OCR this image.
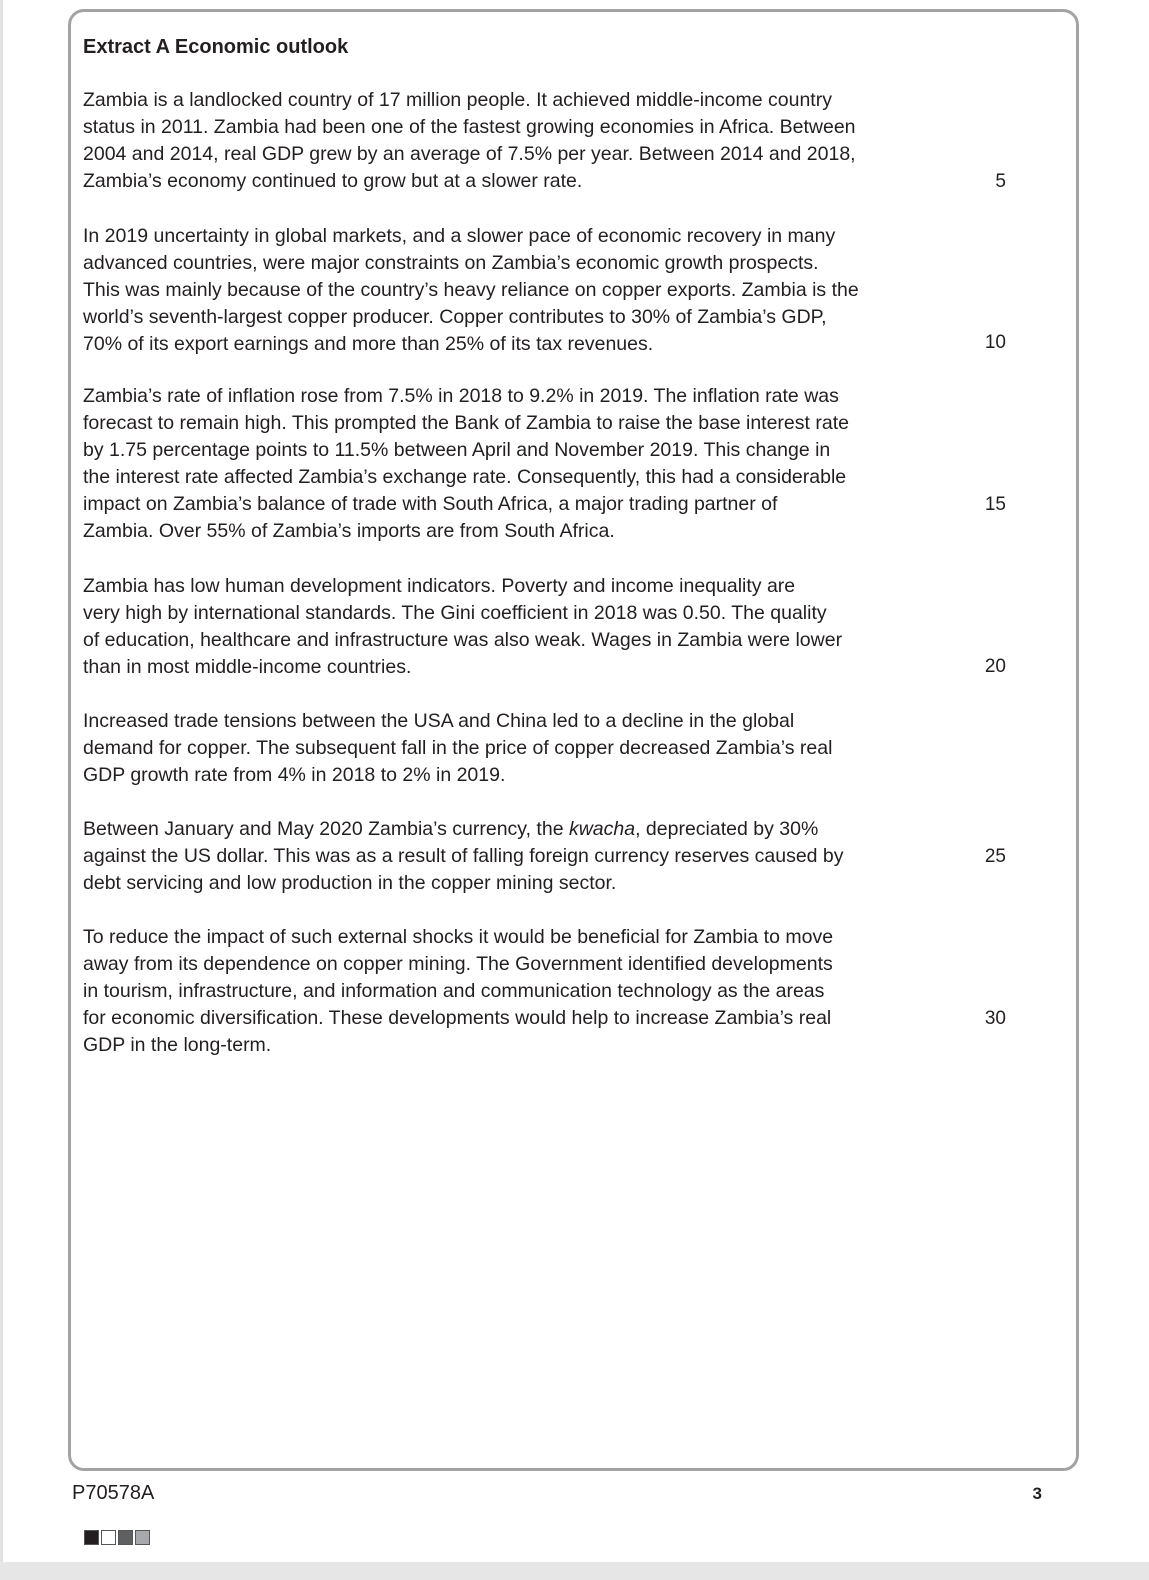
Extract A Economic outlook
Zambia is a landlocked country of 17 million people. It achieved middle-income country
status in 2011. Zambia had been one of the fastest growing economies in Africa. Between
2004 and 2014, real GDP grew by an average of 7.5% per year. Between 2014 and 2018,
Zambia’s economy continued to grow but at a slower rate.
In 2019 uncertainty in global markets, and a slower pace of economic recovery in many
advanced countries, were major constraints on Zambia’s economic growth prospects.
This was mainly because of the country’s heavy reliance on copper exports. Zambia is the
world’s seventh-largest copper producer. Copper contributes to 30% of Zambia’s GDP,
70% of its export earnings and more than 25% of its tax revenues.
Zambia’s rate of inflation rose from 7.5% in 2018 to 9.2% in 2019. The inflation rate was
forecast to remain high. This prompted the Bank of Zambia to raise the base interest rate
by 1.75 percentage points to 11.5% between April and November 2019. This change in
the interest rate affected Zambia’s exchange rate. Consequently, this had a considerable
impact on Zambia’s balance of trade with South Africa, a major trading partner of
Zambia. Over 55% of Zambia’s imports are from South Africa.
Zambia has low human development indicators. Poverty and income inequality are
very high by international standards. The Gini coefficient in 2018 was 0.50. The quality
of education, healthcare and infrastructure was also weak. Wages in Zambia were lower
than in most middle-income countries.
Increased trade tensions between the USA and China led to a decline in the global
demand for copper. The subsequent fall in the price of copper decreased Zambia’s real
GDP growth rate from 4% in 2018 to 2% in 2019.
Between January and May 2020 Zambia’s currency, the kwacha, depreciated by 30%
against the US dollar. This was as a result of falling foreign currency reserves caused by
debt servicing and low production in the copper mining sector.
To reduce the impact of such external shocks it would be beneficial for Zambia to move
away from its dependence on copper mining. The Government identified developments
in tourism, infrastructure, and information and communication technology as the areas
for economic diversification. These developments would help to increase Zambia’s real
GDP in the long-term.
5
10
15
20
25
30
P70578A	3
